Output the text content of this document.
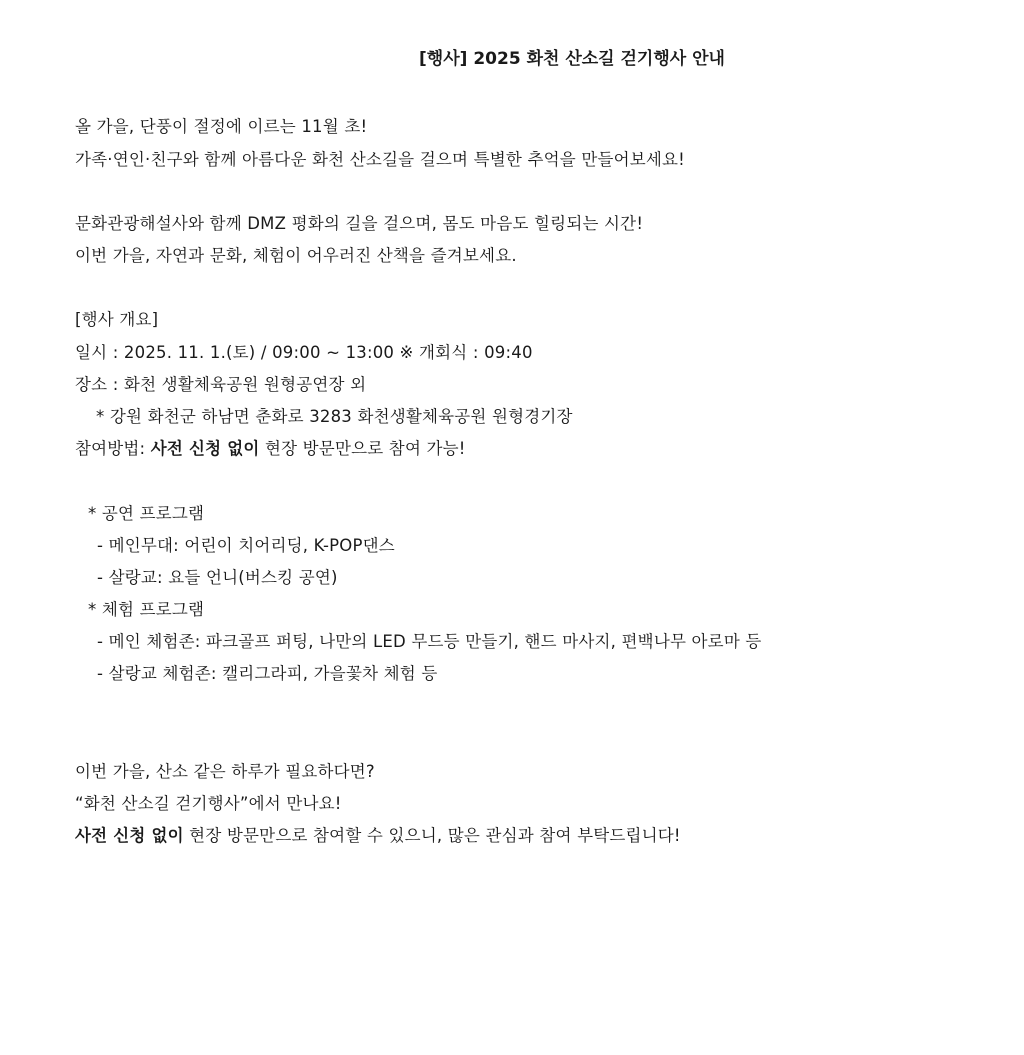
[행사] 2025 화천 산소길 걷기행사 안내
올 가을, 단풍이 절정에 이르는 11월 초!
가족·연인·친구와 함께 아름다운 화천 산소길을 걸으며 특별한 추억을 만들어보세요!
문화관광해설사와 함께 DMZ 평화의 길을 걸으며, 몸도 마음도 힐링되는 시간!
이번 가을, 자연과 문화, 체험이 어우러진 산책을 즐겨보세요.
[행사 개요]
일시 : 2025. 11. 1.(토) / 09:00 ~ 13:00 ※ 개회식 : 09:40
장소 : 화천 생활체육공원 원형공연장 외
* 강원 화천군 하남면 춘화로 3283 화천생활체육공원 원형경기장
참여방법: 사전 신청 없이 현장 방문만으로 참여 가능!
* 공연 프로그램
- 메인무대: 어린이 치어리딩, K-POP댄스
- 살랑교: 요들 언니(버스킹 공연)
* 체험 프로그램
- 메인 체험존: 파크골프 퍼팅, 나만의 LED 무드등 만들기, 핸드 마사지, 편백나무 아로마 등
- 살랑교 체험존: 캘리그라피, 가을꽃차 체험 등
이번 가을, 산소 같은 하루가 필요하다면?
“화천 산소길 걷기행사”에서 만나요!
사전 신청 없이 현장 방문만으로 참여할 수 있으니, 많은 관심과 참여 부탁드립니다!
